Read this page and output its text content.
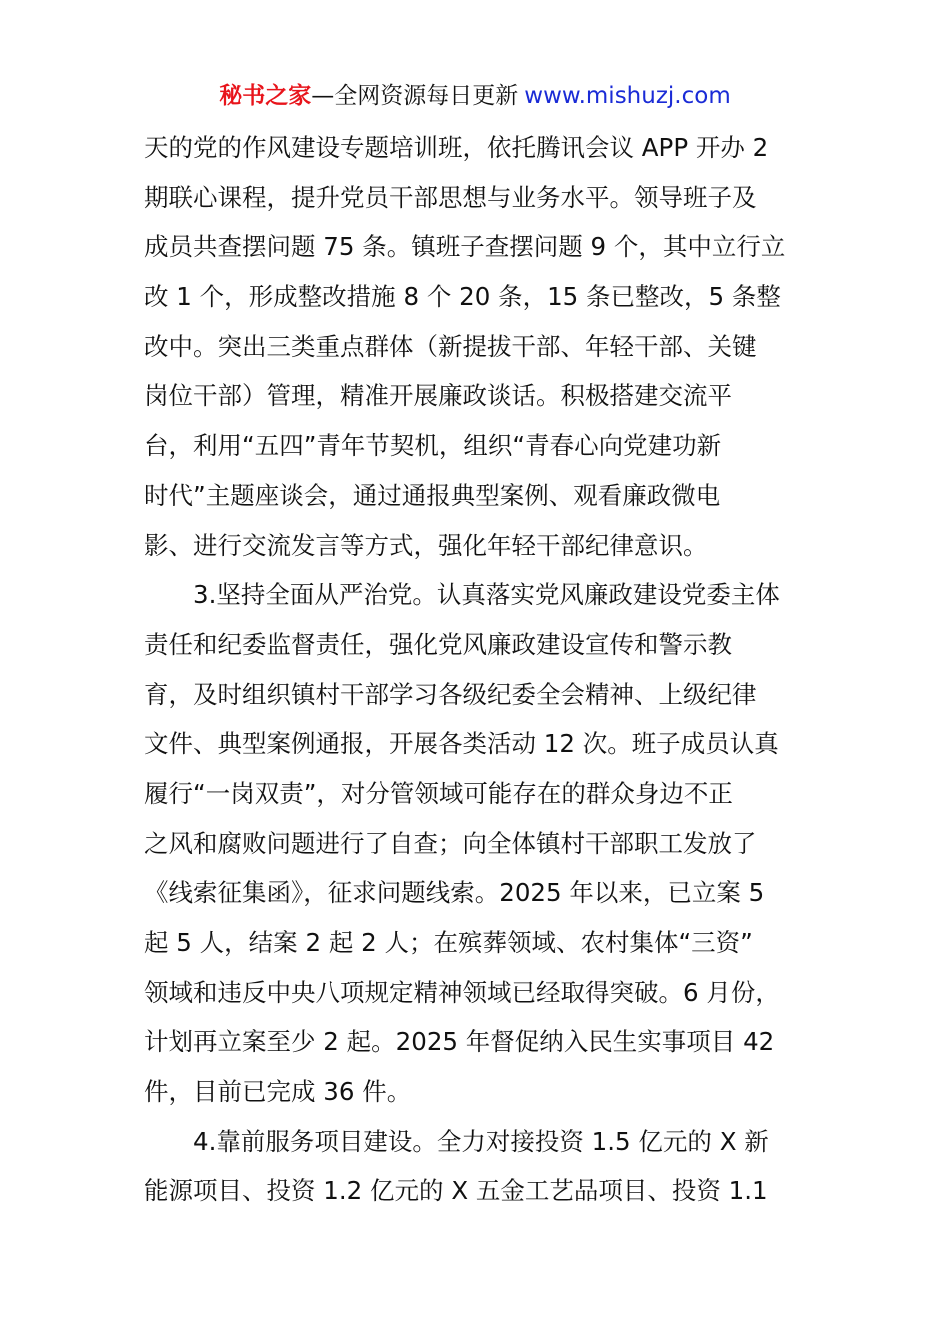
秘书之家—全网资源每日更新 www.mishuzj.com
天的党的作风建设专题培训班，依托腾讯会议 APP 开办 2
期联心课程，提升党员干部思想与业务水平。领导班子及
成员共查摆问题 75 条。镇班子查摆问题 9 个，其中立行立
改 1 个，形成整改措施 8 个 20 条，15 条已整改，5 条整
改中。突出三类重点群体（新提拔干部、年轻干部、关键
岗位干部）管理，精准开展廉政谈话。积极搭建交流平
台，利用“五四”青年节契机，组织“青春心向党建功新
时代”主题座谈会，通过通报典型案例、观看廉政微电
影、进行交流发言等方式，强化年轻干部纪律意识。
3.坚持全面从严治党。认真落实党风廉政建设党委主体
责任和纪委监督责任，强化党风廉政建设宣传和警示教
育，及时组织镇村干部学习各级纪委全会精神、上级纪律
文件、典型案例通报，开展各类活动 12 次。班子成员认真
履行“一岗双责”，对分管领域可能存在的群众身边不正
之风和腐败问题进行了自查；向全体镇村干部职工发放了
《线索征集函》，征求问题线索。2025 年以来，已立案 5
起 5 人，结案 2 起 2 人；在殡葬领域、农村集体“三资”
领域和违反中央八项规定精神领域已经取得突破。6 月份，
计划再立案至少 2 起。2025 年督促纳入民生实事项目 42
件，目前已完成 36 件。
4.靠前服务项目建设。全力对接投资 1.5 亿元的 X 新
能源项目、投资 1.2 亿元的 X 五金工艺品项目、投资 1.1
